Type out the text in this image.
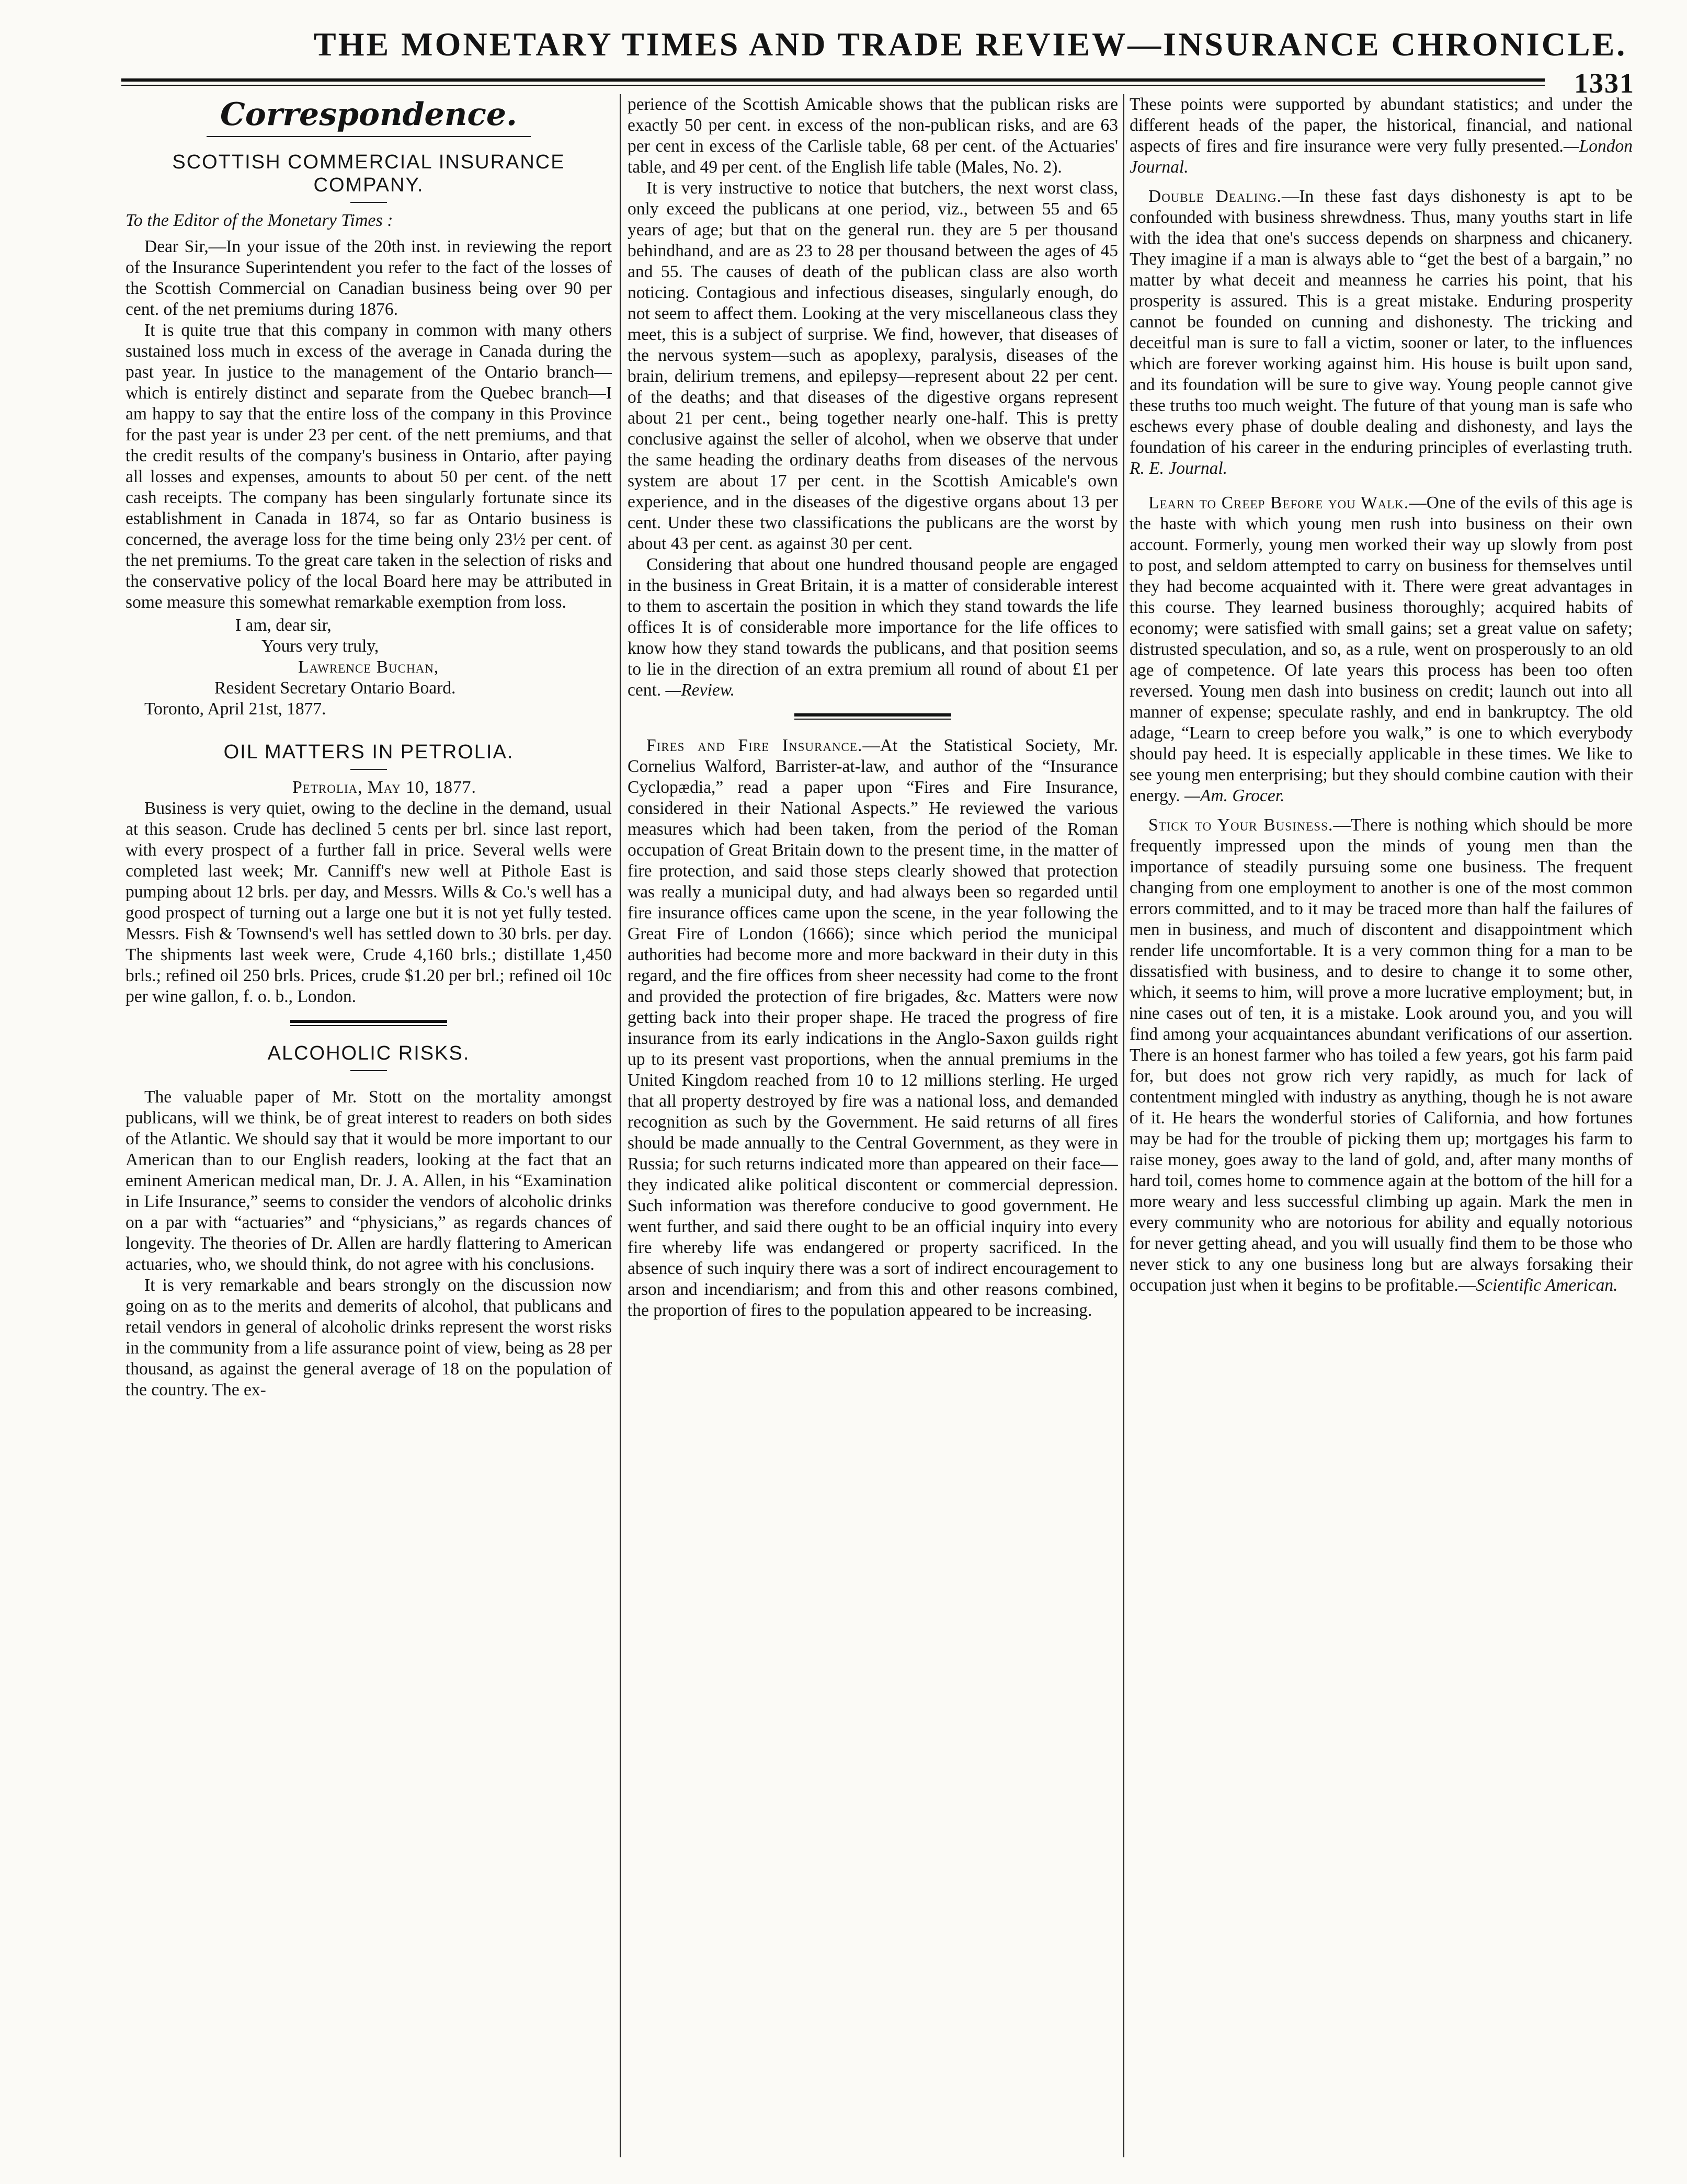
THE MONETARY TIMES AND TRADE REVIEW—INSURANCE CHRONICLE.
1331
Correspondence.
SCOTTISH COMMERCIAL INSURANCE COMPANY.
To the Editor of the Monetary Times :

Dear Sir,—In your issue of the 20th inst. in reviewing the report of the Insurance Superintendent you refer to the fact of the losses of the Scottish Commercial on Canadian business being over 90 per cent. of the net premiums during 1876.

It is quite true that this company in common with many others sustained loss much in excess of the average in Canada during the past year. In justice to the management of the Ontario branch—which is entirely distinct and separate from the Quebec branch—I am happy to say that the entire loss of the company in this Province for the past year is under 23 per cent. of the nett premiums, and that the credit results of the company's business in Ontario, after paying all losses and expenses, amounts to about 50 per cent. of the nett cash receipts. The company has been singularly fortunate since its establishment in Canada in 1874, so far as Ontario business is concerned, the average loss for the time being only 23½ per cent. of the net premiums. To the great care taken in the selection of risks and the conservative policy of the local Board here may be attributed in some measure this somewhat remarkable exemption from loss.

I am, dear sir,
Yours very truly,
Lawrence Buchan,
Resident Secretary Ontario Board.
Toronto, April 21st, 1877.
OIL MATTERS IN PETROLIA.
Petrolia, May 10, 1877.

Business is very quiet, owing to the decline in the demand, usual at this season. Crude has declined 5 cents per brl. since last report, with every prospect of a further fall in price. Several wells were completed last week; Mr. Canniff's new well at Pithole East is pumping about 12 brls. per day, and Messrs. Wills & Co.'s well has a good prospect of turning out a large one but it is not yet fully tested. Messrs. Fish & Townsend's well has settled down to 30 brls. per day. The shipments last week were, Crude 4,160 brls.; distillate 1,450 brls.; refined oil 250 brls. Prices, crude $1.20 per brl.; refined oil 10c per wine gallon, f. o. b., London.

ALCOHOLIC RISKS.

The valuable paper of Mr. Stott on the mortality amongst publicans, will we think, be of great interest to readers on both sides of the Atlantic. We should say that it would be more important to our American than to our English readers, looking at the fact that an eminent American medical man, Dr. J. A. Allen, in his “Examination in Life Insurance,” seems to consider the vendors of alcoholic drinks on a par with “actuaries” and “physicians,” as regards chances of longevity. The theories of Dr. Allen are hardly flattering to American actuaries, who, we should think, do not agree with his conclusions.

It is very remarkable and bears strongly on the discussion now going on as to the merits and demerits of alcohol, that publicans and retail vendors in general of alcoholic drinks represent the worst risks in the community from a life assurance point of view, being as 28 per thousand, as against the general average of 18 on the population of the country. The ex-

perience of the Scottish Amicable shows that the publican risks are exactly 50 per cent. in excess of the non-publican risks, and are 63 per cent in excess of the Carlisle table, 68 per cent. of the Actuaries' table, and 49 per cent. of the English life table (Males, No. 2).

It is very instructive to notice that butchers, the next worst class, only exceed the publicans at one period, viz., between 55 and 65 years of age; but that on the general run. they are 5 per thousand behindhand, and are as 23 to 28 per thousand between the ages of 45 and 55. The causes of death of the publican class are also worth noticing. Contagious and infectious diseases, singularly enough, do not seem to affect them. Looking at the very miscellaneous class they meet, this is a subject of surprise. We find, however, that diseases of the nervous system—such as apoplexy, paralysis, diseases of the brain, delirium tremens, and epilepsy—represent about 22 per cent. of the deaths; and that diseases of the digestive organs represent about 21 per cent., being together nearly one-half. This is pretty conclusive against the seller of alcohol, when we observe that under the same heading the ordinary deaths from diseases of the nervous system are about 17 per cent. in the Scottish Amicable's own experience, and in the diseases of the digestive organs about 13 per cent. Under these two classifications the publicans are the worst by about 43 per cent. as against 30 per cent.

Considering that about one hundred thousand people are engaged in the business in Great Britain, it is a matter of considerable interest to them to ascertain the position in which they stand towards the life offices It is of considerable more importance for the life offices to know how they stand towards the publicans, and that position seems to lie in the direction of an extra premium all round of about £1 per cent. —Review.

Fires and Fire Insurance.—At the Statistical Society, Mr. Cornelius Walford, Barrister-at-law, and author of the “Insurance Cyclopædia,” read a paper upon “Fires and Fire Insurance, considered in their National Aspects.” He reviewed the various measures which had been taken, from the period of the Roman occupation of Great Britain down to the present time, in the matter of fire protection, and said those steps clearly showed that protection was really a municipal duty, and had always been so regarded until fire insurance offices came upon the scene, in the year following the Great Fire of London (1666); since which period the municipal authorities had become more and more backward in their duty in this regard, and the fire offices from sheer necessity had come to the front and provided the protection of fire brigades, &c. Matters were now getting back into their proper shape. He traced the progress of fire insurance from its early indications in the Anglo-Saxon guilds right up to its present vast proportions, when the annual premiums in the United Kingdom reached from 10 to 12 millions sterling. He urged that all property destroyed by fire was a national loss, and demanded recognition as such by the Government. He said returns of all fires should be made annually to the Central Government, as they were in Russia; for such returns indicated more than appeared on their face—they indicated alike political discontent or commercial depression. Such information was therefore conducive to good government. He went further, and said there ought to be an official inquiry into every fire whereby life was endangered or property sacrificed. In the absence of such inquiry there was a sort of indirect encouragement to arson and incendiarism; and from this and other reasons combined, the proportion of fires to the population appeared to be increasing.

These points were supported by abundant statistics; and under the different heads of the paper, the historical, financial, and national aspects of fires and fire insurance were very fully presented.—London Journal.

Double Dealing.—In these fast days dishonesty is apt to be confounded with business shrewdness. Thus, many youths start in life with the idea that one's success depends on sharpness and chicanery. They imagine if a man is always able to “get the best of a bargain,” no matter by what deceit and meanness he carries his point, that his prosperity is assured. This is a great mistake. Enduring prosperity cannot be founded on cunning and dishonesty. The tricking and deceitful man is sure to fall a victim, sooner or later, to the influences which are forever working against him. His house is built upon sand, and its foundation will be sure to give way. Young people cannot give these truths too much weight. The future of that young man is safe who eschews every phase of double dealing and dishonesty, and lays the foundation of his career in the enduring principles of everlasting truth. R. E. Journal.

Learn to Creep Before you Walk.—One of the evils of this age is the haste with which young men rush into business on their own account. Formerly, young men worked their way up slowly from post to post, and seldom attempted to carry on business for themselves until they had become acquainted with it. There were great advantages in this course. They learned business thoroughly; acquired habits of economy; were satisfied with small gains; set a great value on safety; distrusted speculation, and so, as a rule, went on prosperously to an old age of competence. Of late years this process has been too often reversed. Young men dash into business on credit; launch out into all manner of expense; speculate rashly, and end in bankruptcy. The old adage, “Learn to creep before you walk,” is one to which everybody should pay heed. It is especially applicable in these times. We like to see young men enterprising; but they should combine caution with their energy. —Am. Grocer.

Stick to Your Business.—There is nothing which should be more frequently impressed upon the minds of young men than the importance of steadily pursuing some one business. The frequent changing from one employment to another is one of the most common errors committed, and to it may be traced more than half the failures of men in business, and much of discontent and disappointment which render life uncomfortable. It is a very common thing for a man to be dissatisfied with business, and to desire to change it to some other, which, it seems to him, will prove a more lucrative employment; but, in nine cases out of ten, it is a mistake. Look around you, and you will find among your acquaintances abundant verifications of our assertion. There is an honest farmer who has toiled a few years, got his farm paid for, but does not grow rich very rapidly, as much for lack of contentment mingled with industry as anything, though he is not aware of it. He hears the wonderful stories of California, and how fortunes may be had for the trouble of picking them up; mortgages his farm to raise money, goes away to the land of gold, and, after many months of hard toil, comes home to commence again at the bottom of the hill for a more weary and less successful climbing up again. Mark the men in every community who are notorious for ability and equally notorious for never getting ahead, and you will usually find them to be those who never stick to any one business long but are always forsaking their occupation just when it begins to be profitable.—Scientific American.
